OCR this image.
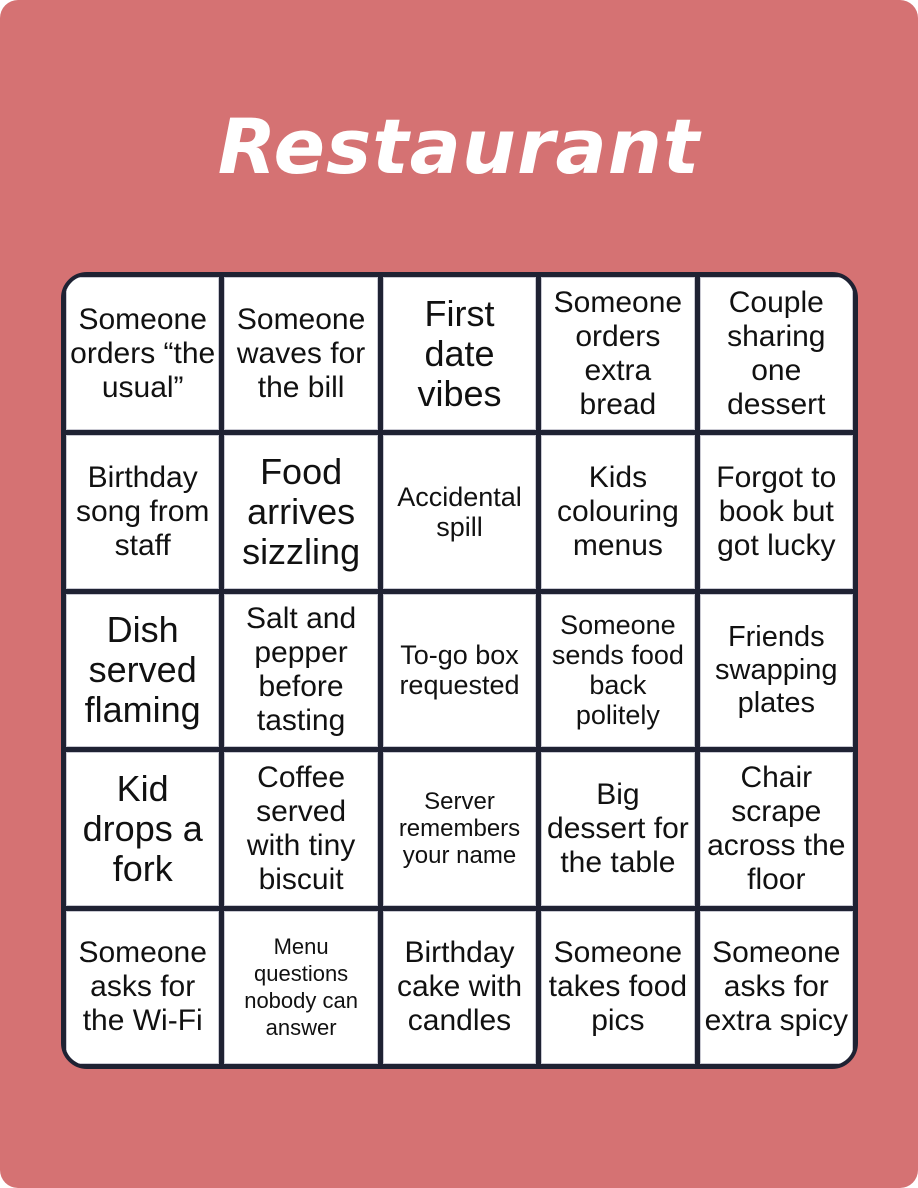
Restaurant
Someone orders “the usual”
Someone waves for the bill
First date vibes
Someone orders extra bread
Couple sharing one dessert
Birthday song from staff
Food arrives sizzling
Accidental spill
Kids colouring menus
Forgot to book but got lucky
Dish served flaming
Salt and pepper before tasting
To-go box requested
Someone sends food back politely
Friends swapping plates
Kid drops a fork
Coffee served with tiny biscuit
Server remembers your name
Big dessert for the table
Chair scrape across the floor
Someone asks for the Wi-Fi
Menu questions nobody can answer
Birthday cake with candles
Someone takes food pics
Someone asks for extra spicy
